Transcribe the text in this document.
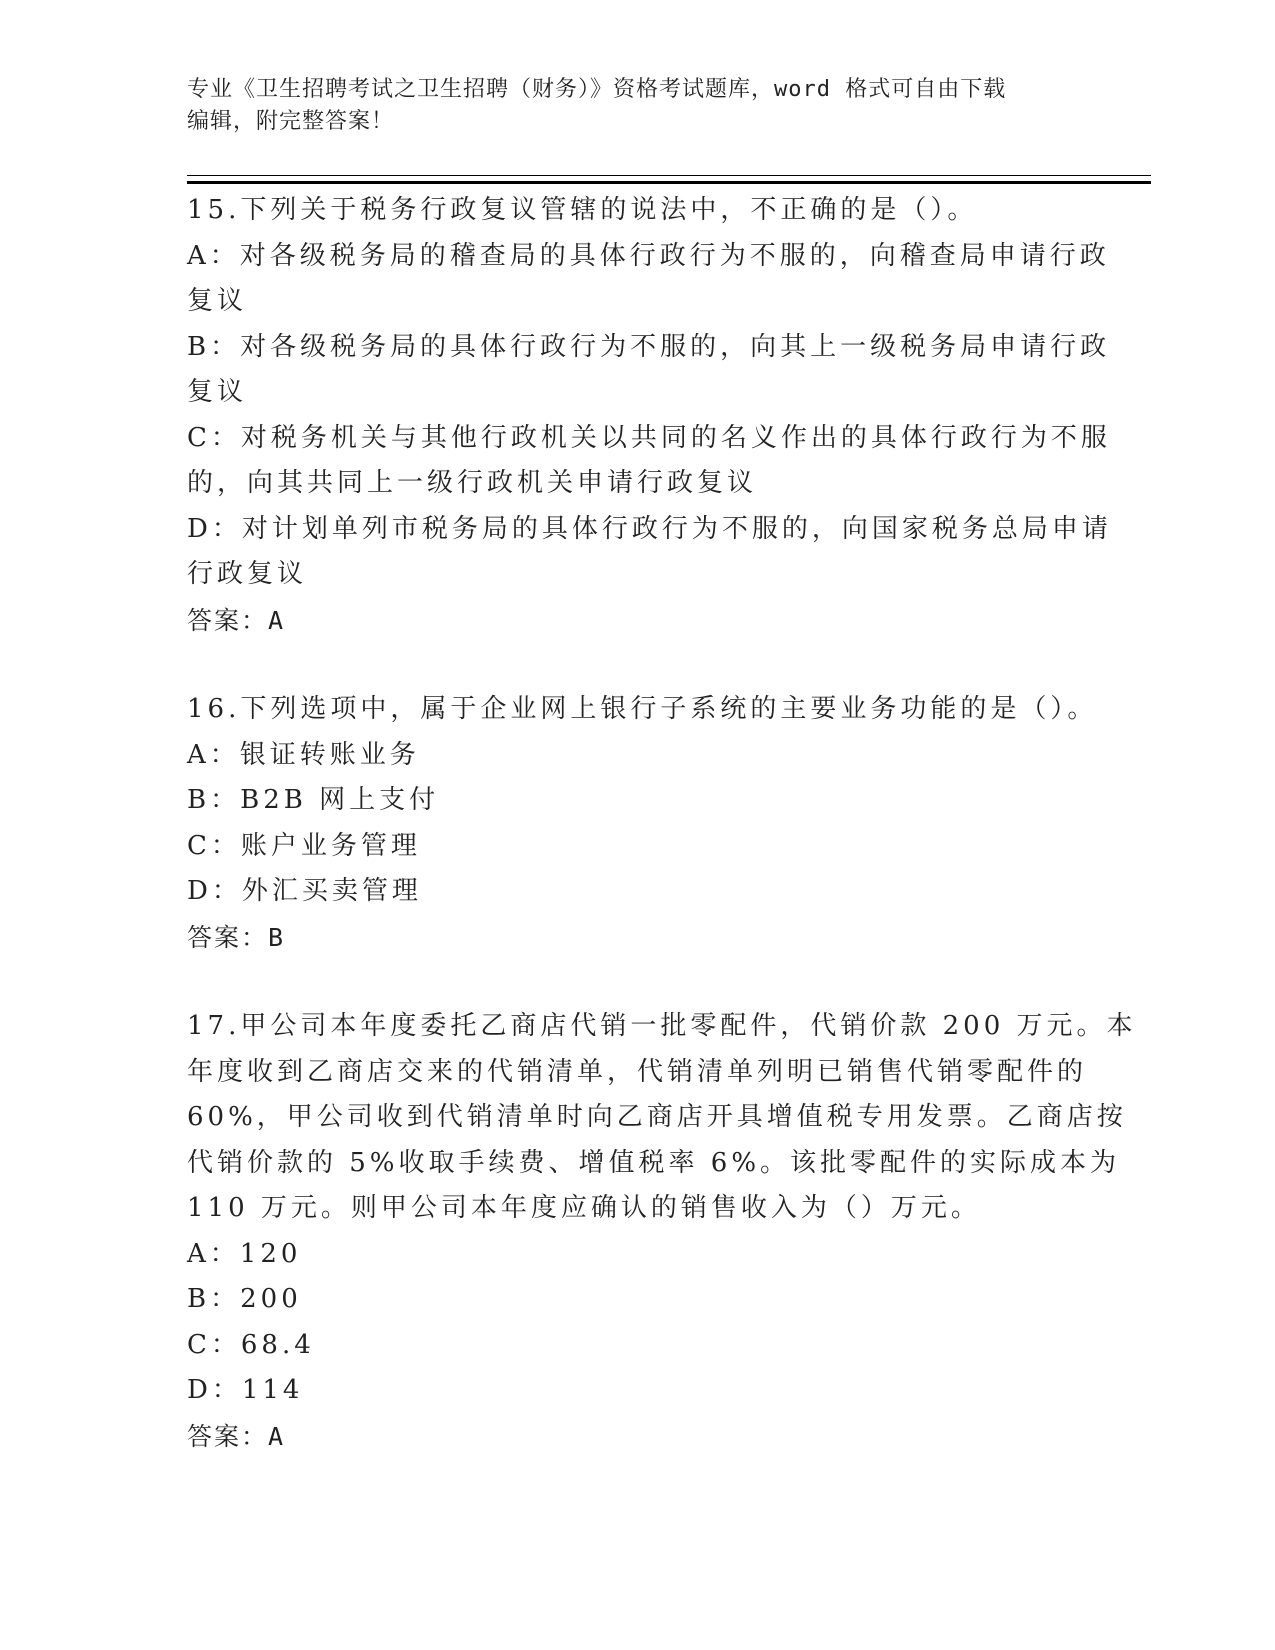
专业《卫生招聘考试之卫生招聘（财务）》资格考试题库，word 格式可自由下载
编辑，附完整答案！
15.下列关于税务行政复议管辖的说法中，不正确的是（）。
A：对各级税务局的稽查局的具体行政行为不服的，向稽查局申请行政
复议
B：对各级税务局的具体行政行为不服的，向其上一级税务局申请行政
复议
C：对税务机关与其他行政机关以共同的名义作出的具体行政行为不服
的，向其共同上一级行政机关申请行政复议
D：对计划单列市税务局的具体行政行为不服的，向国家税务总局申请
行政复议
答案：A
16.下列选项中，属于企业网上银行子系统的主要业务功能的是（）。
A：银证转账业务
B：B2B 网上支付
C：账户业务管理
D：外汇买卖管理
答案：B
17.甲公司本年度委托乙商店代销一批零配件，代销价款 200 万元。本
年度收到乙商店交来的代销清单，代销清单列明已销售代销零配件的
60%，甲公司收到代销清单时向乙商店开具增值税专用发票。乙商店按
代销价款的 5%收取手续费、增值税率 6%。该批零配件的实际成本为
110 万元。则甲公司本年度应确认的销售收入为（）万元。
A：120
B：200
C：68.4
D：114
答案：A
